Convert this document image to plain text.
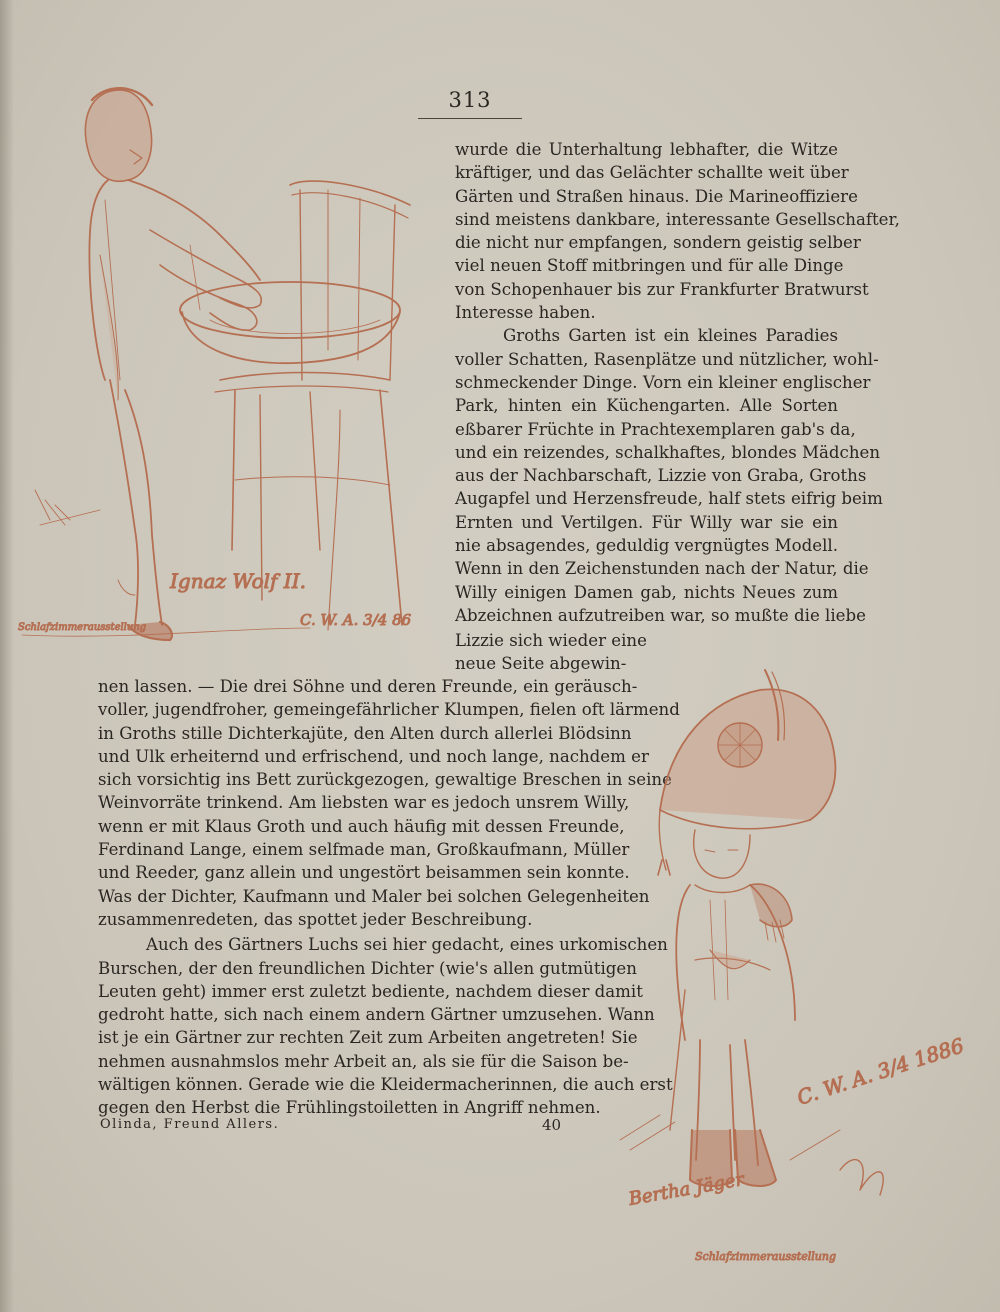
313
Ignaz Wolf II.
C. W. A. 3/4 86
Schlafzimmerausstellung
wurde die Unterhaltung lebhafter, die Witze
kräftiger, und das Gelächter schallte weit über
Gärten und Straßen hinaus. Die Marineoffiziere
sind meistens dankbare, interessante Gesellschafter,
die nicht nur empfangen, sondern geistig selber
viel neuen Stoff mitbringen und für alle Dinge
von Schopenhauer bis zur Frankfurter Bratwurst
Interesse haben.
Groths Garten ist ein kleines Paradies
voller Schatten, Rasenplätze und nützlicher, wohl-
schmeckender Dinge. Vorn ein kleiner englischer
Park, hinten ein Küchengarten. Alle Sorten
eßbarer Früchte in Prachtexemplaren gab's da,
und ein reizendes, schalkhaftes, blondes Mädchen
aus der Nachbarschaft, Lizzie von Graba, Groths
Augapfel und Herzensfreude, half stets eifrig beim
Ernten und Vertilgen. Für Willy war sie ein
nie absagendes, geduldig vergnügtes Modell.
Wenn in den Zeichenstunden nach der Natur, die
Willy einigen Damen gab, nichts Neues zum
Abzeichnen aufzutreiben war, so mußte die liebe
Lizzie sich wieder eine
neue Seite abgewin-
nen lassen. — Die drei Söhne und deren Freunde, ein geräusch-
voller, jugendfroher, gemeingefährlicher Klumpen, fielen oft lärmend
in Groths stille Dichterkajüte, den Alten durch allerlei Blödsinn
und Ulk erheiternd und erfrischend, und noch lange, nachdem er
sich vorsichtig ins Bett zurückgezogen, gewaltige Breschen in seine
Weinvorräte trinkend. Am liebsten war es jedoch unsrem Willy,
wenn er mit Klaus Groth und auch häufig mit dessen Freunde,
Ferdinand Lange, einem selfmade man, Großkaufmann, Müller
und Reeder, ganz allein und ungestört beisammen sein konnte.
Was der Dichter, Kaufmann und Maler bei solchen Gelegenheiten
zusammenredeten, das spottet jeder Beschreibung.
Auch des Gärtners Luchs sei hier gedacht, eines urkomischen
Burschen, der den freundlichen Dichter (wie's allen gutmütigen
Leuten geht) immer erst zuletzt bediente, nachdem dieser damit
gedroht hatte, sich nach einem andern Gärtner umzusehen. Wann
ist je ein Gärtner zur rechten Zeit zum Arbeiten angetreten! Sie
nehmen ausnahmslos mehr Arbeit an, als sie für die Saison be-
wältigen können. Gerade wie die Kleidermacherinnen, die auch erst
gegen den Herbst die Frühlingstoiletten in Angriff nehmen.
Olinda, Freund Allers.	40
C. W. A. 3/4 1886
Bertha Jäger
Schlafzimmerausstellung
